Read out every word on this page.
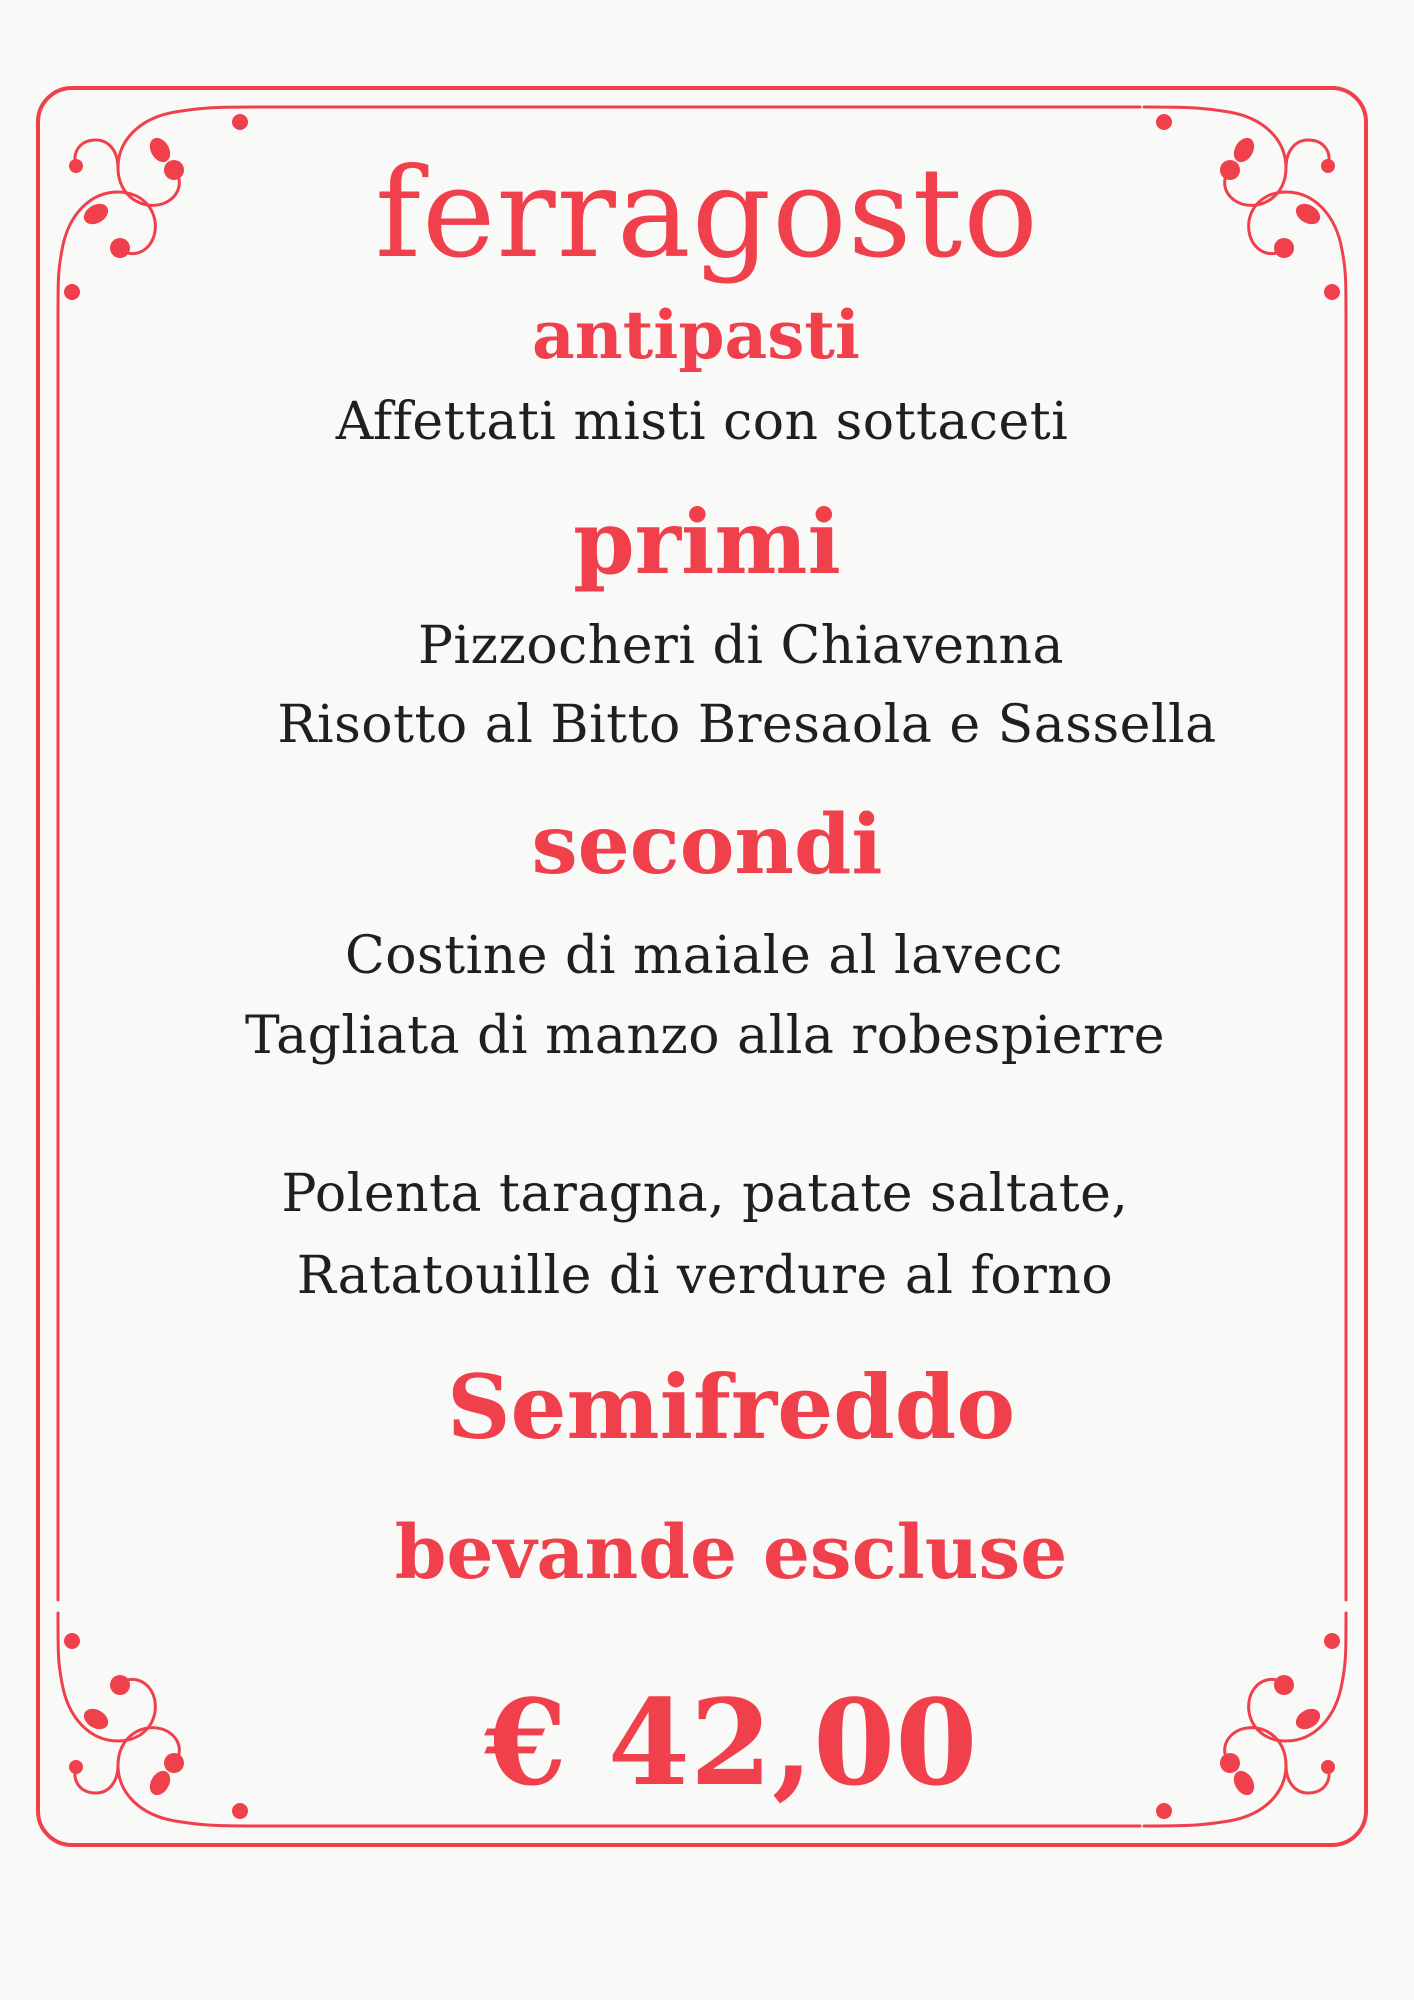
ferragosto
antipasti
Affettati misti con sottaceti
primi
Pizzocheri di Chiavenna
Risotto al Bitto Bresaola e Sassella
secondi
Costine di maiale al lavecc
Tagliata di manzo alla robespierre
Polenta taragna, patate saltate,
Ratatouille di verdure al forno
Semifreddo
bevande escluse
€ 42,00
